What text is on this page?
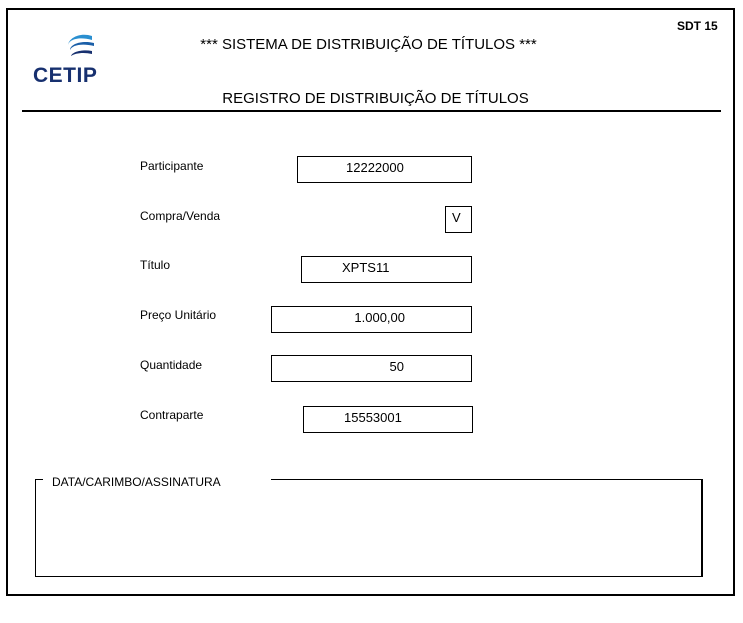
SDT 15
CETIP
*** SISTEMA DE DISTRIBUIÇÃO DE TÍTULOS ***
REGISTRO DE DISTRIBUIÇÃO DE TÍTULOS
Participante	12222000
Compra/Venda	V
Título	XPTS11
Preço Unitário	1.000,00
Quantidade	50
Contraparte	15553001
DATA/CARIMBO/ASSINATURA
